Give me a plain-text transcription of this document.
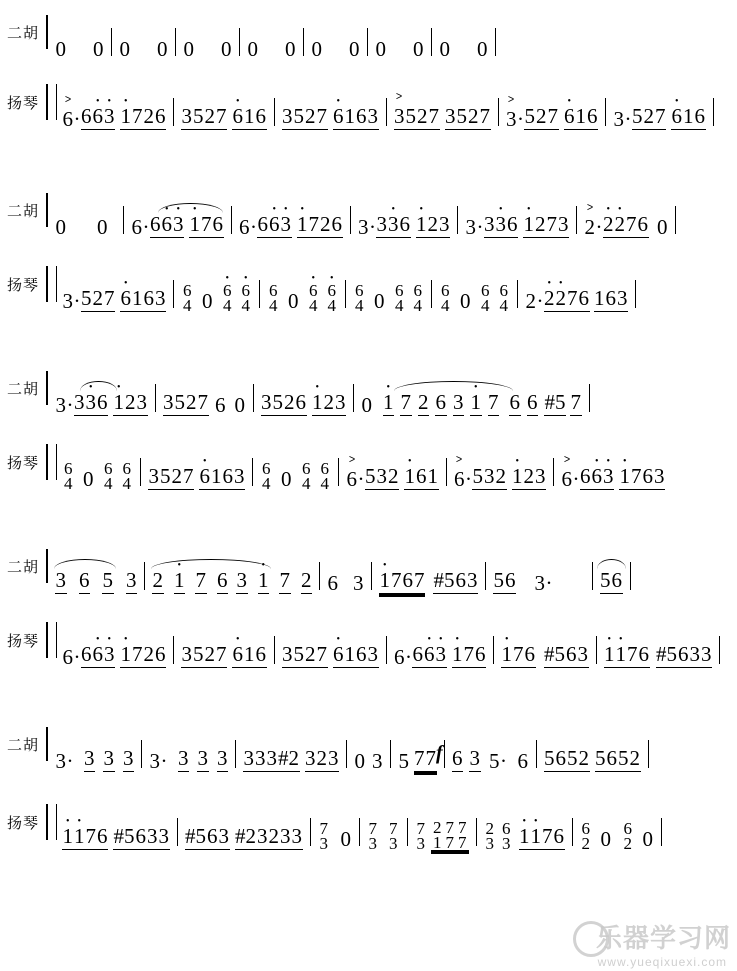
二胡
0 0 0 0 0 0 0 0 0 0 0 0 0 0
扬琴
> 6 · 6 6 • 3 • 1 • 7 2 6 3 5 2 7 6 • 1 6 3 5 2 7 6 • 1 6 3 > 3 5 2 7 3 5 2 7 > 3 · 5 2 7 6 • 1 6 3 · 5 2 7 6 • 1 6
二胡
0 0 6 · 6 6 • 3 • 1 • 7 6 6 · 6 6 • 3 • 1 • 7 2 6 3 · 3 3 • 6 1 • 2 3 3 · 3 3 • 6 1 • 2 7 3 > 2 · 2 • 2 • 7 6 0
扬琴
3 · 5 2 7 6 • 1 6 3 6
4 0 6
4 •
6
4 •
6
4 0 6
4 •
6
4 •
6
4 0 6
4
6
4
6
4 0 6
4
6
4 2 · 2 • 2 • 7 6 1 6 3
二胡
3 · 3 3 • 6 1 • 2 3 3 5 2 7 6 0 3 5 2 6 1 • 2 3 0 1 • 7 2 6 3 1 • 7 6 6 #5 7
扬琴	6
4 0 6
4
6
4 3 5 2 7 6 • 1 6 3 6
4 0 6
4
6
4 > 6 · 5 3 2 1 • 6 1 > 6 · 5 3 2 1 • 2 3 > 6 · 6 6 • 3 • 1 • 7 6 3
二胡
3 6 5 3 2 1 • 7 6 3 1 • 7 2 6 3 1 • 7 6 7 #5 6 3 5 6 3 · 5 6
扬琴
6 · 6 6 • 3 • 1 • 7 2 6 3 5 2 7 6 • 1 6 3 5 2 7 6 • 1 6 3 6 · 6 6 • 3 • 1 • 7 6 1 • 7 6 #5 6 3 1 • 1 • 7 6 #5 6 3 3
二胡
3 · 3 3 3 3 · 3 3 3 3 3 3 #2 3 2 3 0 3 5 7 7 6 3 5 · 6 5 6 5 2 5 6 5 2
f
扬琴
1 • 1 • 7 6 #5 6 3 3 #5 6 3 #2 3 2 3 3 7
3 0 7
3
7
3
7
3
2
1
7
7
7
7
2
3
6
3 1 • 1 • 7 6 6
2 0 6
2 0
乐器学习网
www.yueqixuexi.com
